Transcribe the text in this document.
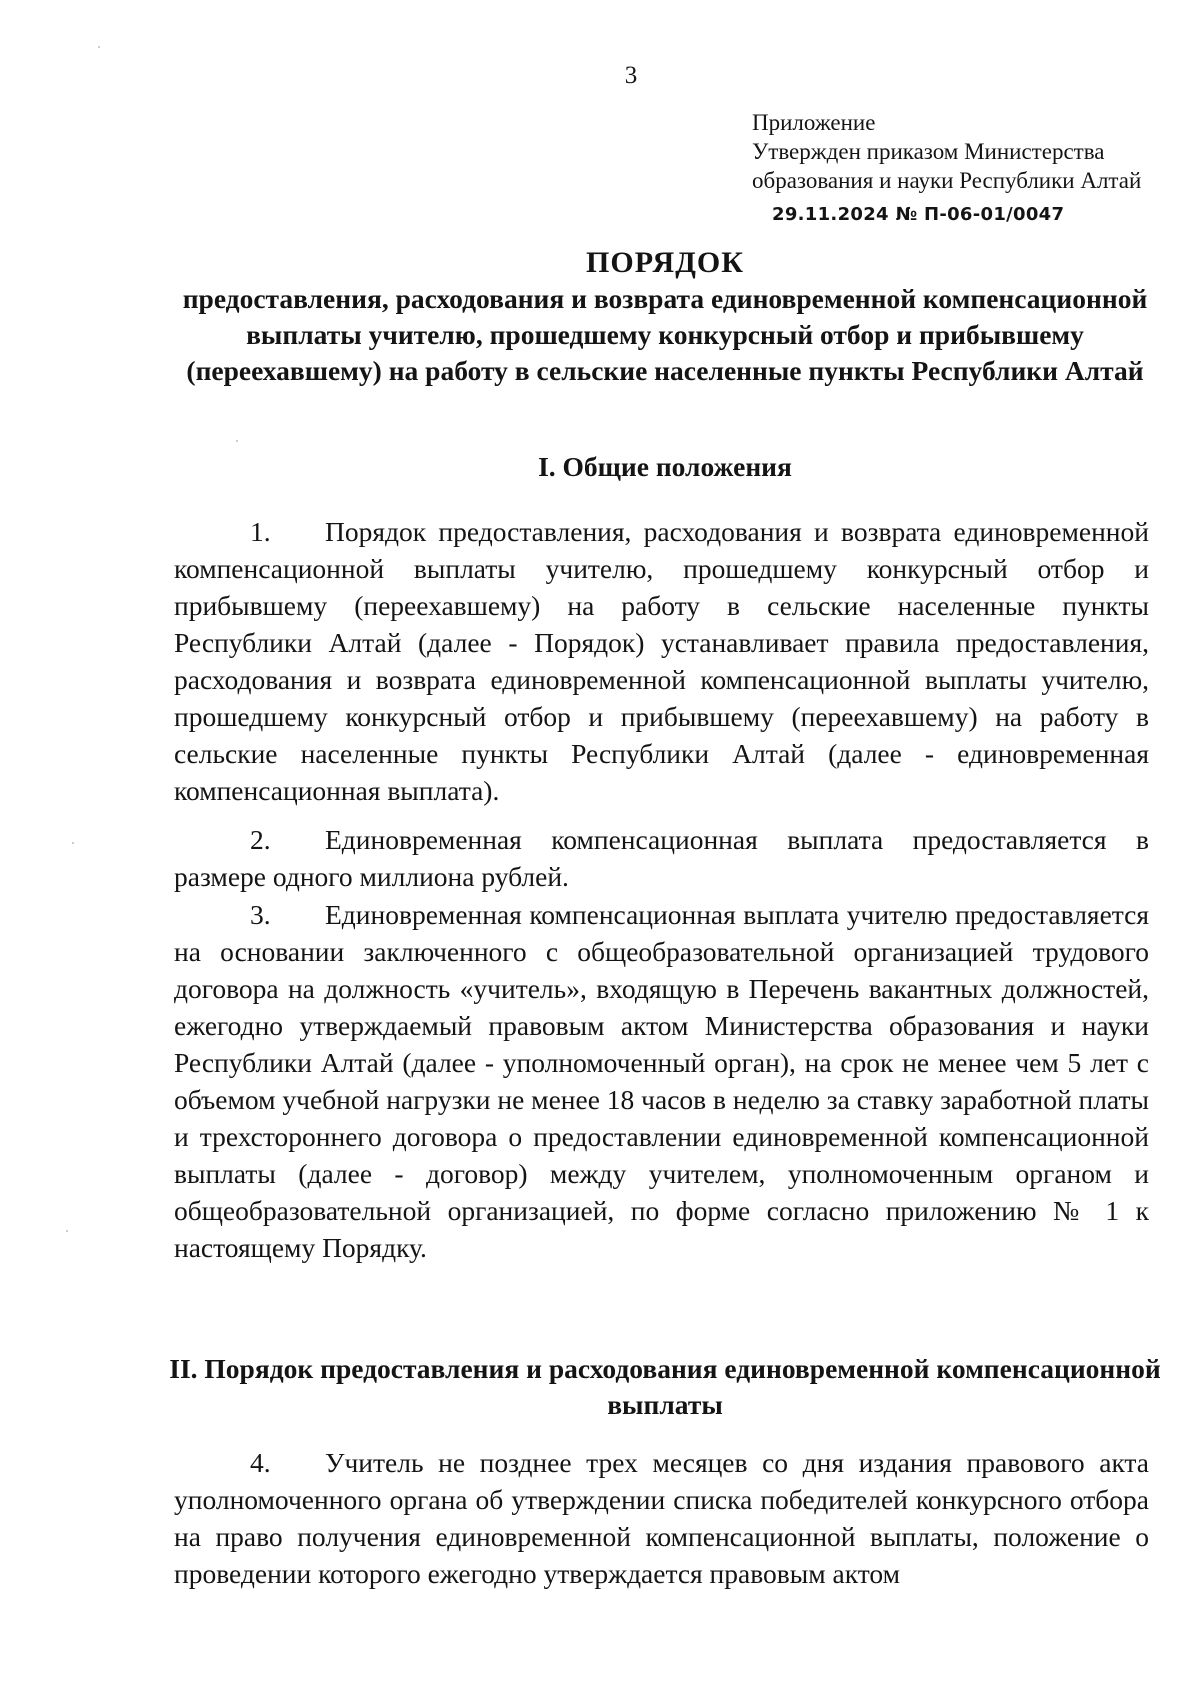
3
Приложение
Утвержден приказом Министерства
образования и науки Республики Алтай
29.11.2024 № П-06-01/0047
ПОРЯДОК
предоставления, расходования и возврата единовременной компенсационной выплаты учителю, прошедшему конкурсный отбор и прибывшему (переехавшему) на работу в сельские населенные пункты Республики Алтай
I. Общие положения

1. Порядок предоставления, расходования и возврата единовременной компенсационной выплаты учителю, прошедшему конкурсный отбор и прибывшему (переехавшему) на работу в сельские населенные пункты Республики Алтай (далее - Порядок) устанавливает правила предоставления, расходования и возврата единовременной компенсационной выплаты учителю, прошедшему конкурсный отбор и прибывшему (переехавшему) на работу в сельские населенные пункты Республики Алтай (далее - единовременная компенсационная выплата).

2. Единовременная компенсационная выплата предоставляется в размере одного миллиона рублей.

3. Единовременная компенсационная выплата учителю предоставляется на основании заключенного с общеобразовательной организацией трудового договора на должность «учитель», входящую в Перечень вакантных должностей, ежегодно утверждаемый правовым актом Министерства образования и науки Республики Алтай (далее - уполномоченный орган), на срок не менее чем 5 лет с объемом учебной нагрузки не менее 18 часов в неделю за ставку заработной платы и трехстороннего договора о предоставлении единовременной компенсационной выплаты (далее - договор) между учителем, уполномоченным органом и общеобразовательной организацией, по форме согласно приложению № 1 к настоящему Порядку.

II. Порядок предоставления и расходования единовременной компенсационной выплаты

4. Учитель не позднее трех месяцев со дня издания правового акта уполномоченного органа об утверждении списка победителей конкурсного отбора на право получения единовременной компенсационной выплаты, положение о проведении которого ежегодно утверждается правовым актом
